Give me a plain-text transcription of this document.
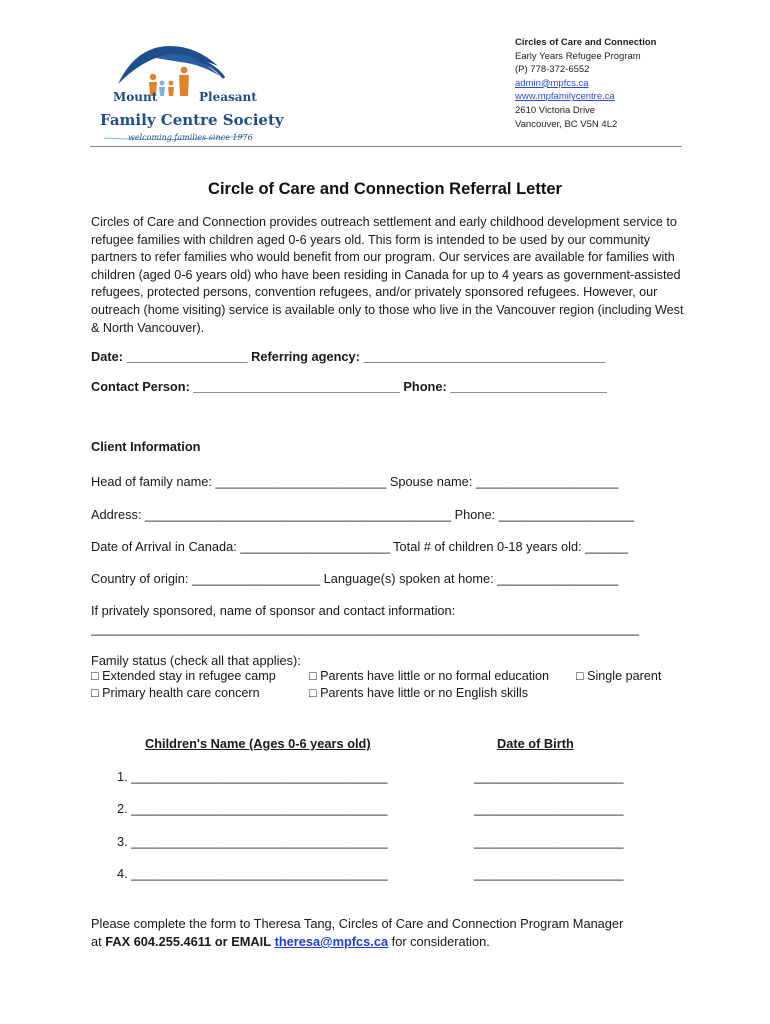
Mount	Pleasant
Family Centre Society
welcoming families since 1976
Circles of Care and Connection
Early Years Refugee Program
(P) 778-372-6552
admin@mpfcs.ca
www.mpfamilycentre.ca
2610 Victoria Drive
Vancouver, BC V5N 4L2
Circle of Care and Connection Referral Letter

Circles of Care and Connection provides outreach settlement and early childhood development service to refugee families with children aged 0-6 years old. This form is intended to be used by our community partners to refer families who would benefit from our program. Our services are available for families with children (aged 0-6 years old) who have been residing in Canada for up to 4 years as government-assisted refugees, protected persons, convention refugees, and/or privately sponsored refugees. However, our outreach (home visiting) service is available only to those who live in the Vancouver region (including West & North Vancouver).

Date: _________________ Referring agency: __________________________________
Contact Person: _____________________________ Phone: ______________________
Client Information
Head of family name: ________________________ Spouse name: ____________________
Address: ___________________________________________ Phone: ___________________
Date of Arrival in Canada: _____________________ Total # of children 0-18 years old: ______
Country of origin: __________________ Language(s) spoken at home: _________________
If privately sponsored, name of sponsor and contact information:
_____________________________________________________________________________
Family status (check all that applies):
□ Extended stay in refugee camp	□ Parents have little or no formal education □ Single parent
□ Primary health care concern	□ Parents have little or no English skills
Children's Name (Ages 0-6 years old)	Date of Birth
1. ____________________________________	_____________________
2. ____________________________________	_____________________
3. ____________________________________	_____________________
4. ____________________________________	_____________________

Please complete the form to Theresa Tang, Circles of Care and Connection Program Manager
at FAX 604.255.4611 or EMAIL theresa@mpfcs.ca for consideration.
